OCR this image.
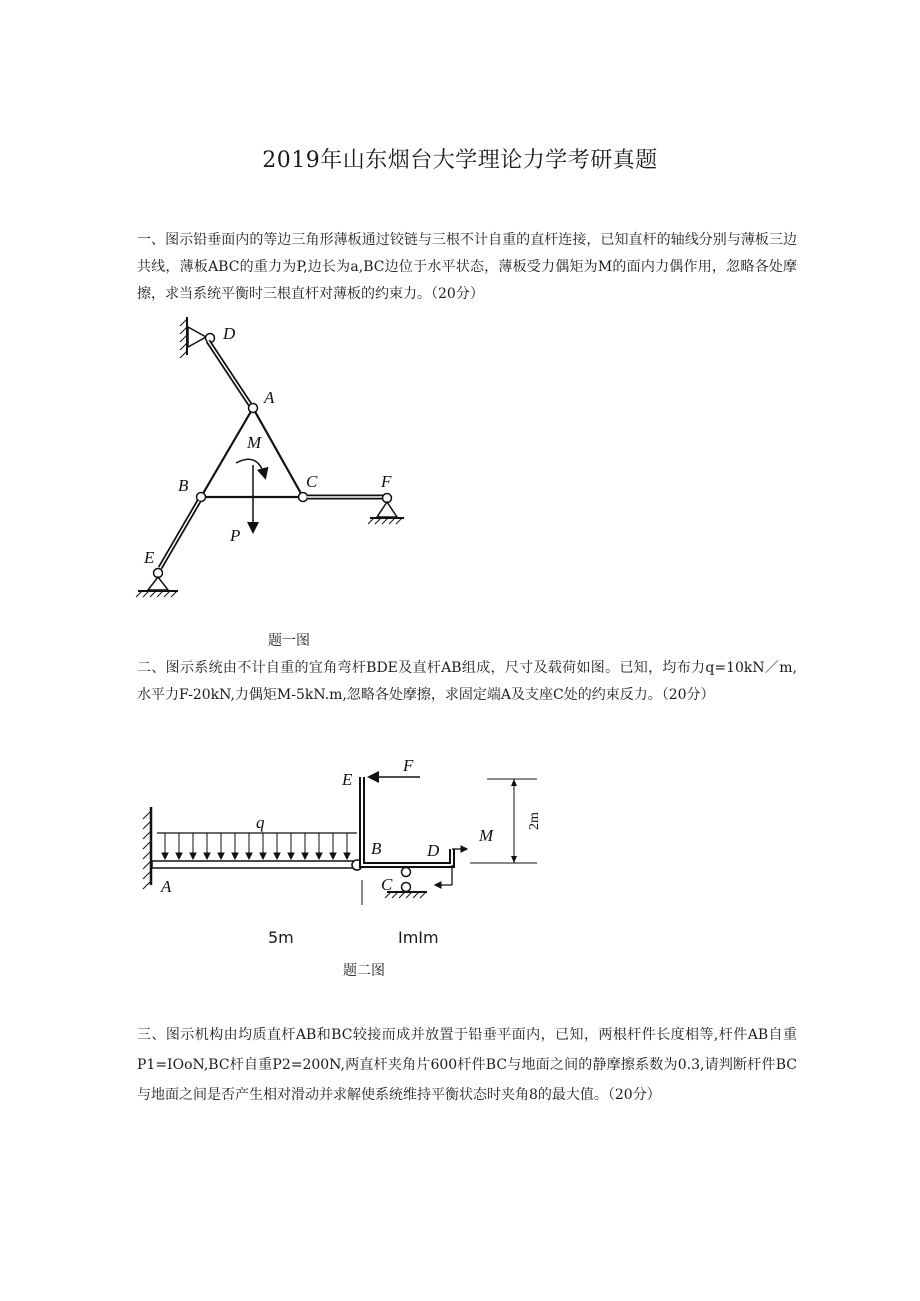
2019年山东烟台大学理论力学考研真题

一、图示铅垂面内的等边三角形薄板通过铰链与三根不计自重的直杆连接，已知直杆的轴线分别与薄板三边共线，薄板ABC的重力为P,边长为a,BC边位于水平状态，薄板受力偶矩为M的面内力偶作用，忽略各处摩擦，求当系统平衡时三根直杆对薄板的约束力。（20分）

D
A
M
B	C	F
P
E
题一图

二、图示系统由不计自重的宜角弯杆BDE及直杆AB组成，尺寸及载荷如图。已知，均布力q=10kN／m,水平力F-20kN,力偶矩M-5kN.m,忽略各处摩擦，求固定端A及支座C处的约束反力。（20分）

2m
E
F
q
B	D
M
C
A
5m	ImIm
题二图

三、图示机构由均质直杆AB和BC较接而成并放置于铅垂平面内，已知，两根杆件长度相等,杆件AB自重P1=IOoN,BC杆自重P2=200N,两直杆夹角片600杆件BC与地面之间的静摩擦系数为0.3,请判断杆件BC与地面之间是否产生相对滑动并求解使系统维持平衡状态时夹角8的最大值。（20分）
